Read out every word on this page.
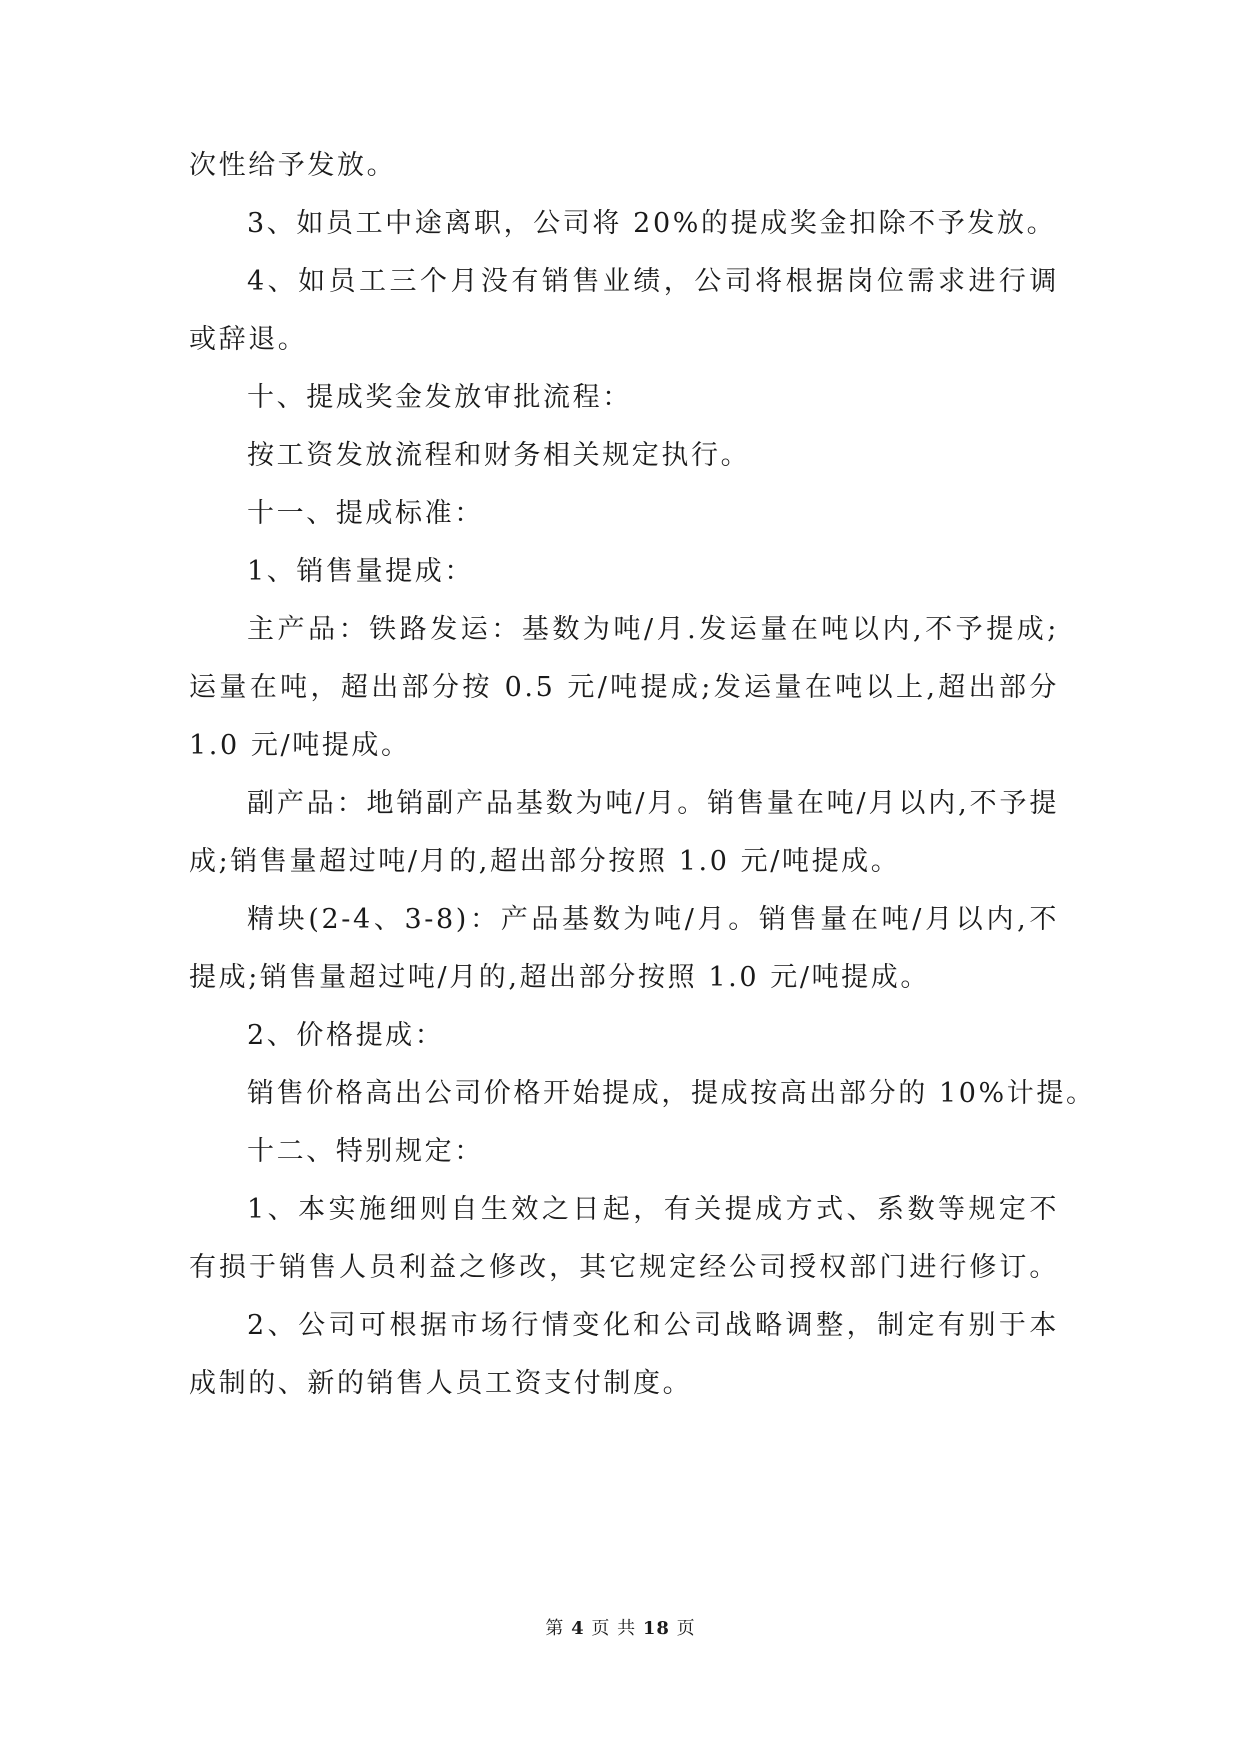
次性给予发放。
3、如员工中途离职，公司将 20%的提成奖金扣除不予发放。
4、如员工三个月没有销售业绩，公司将根据岗位需求进行调
或辞退。
十、提成奖金发放审批流程：
按工资发放流程和财务相关规定执行。
十一、提成标准：
1、销售量提成：
主产品：铁路发运：基数为吨/月.发运量在吨以内,不予提成;
运量在吨，超出部分按 0.5 元/吨提成;发运量在吨以上,超出部分
1.0 元/吨提成。
副产品：地销副产品基数为吨/月。销售量在吨/月以内,不予提
成;销售量超过吨/月的,超出部分按照 1.0 元/吨提成。
精块(2-4、3-8)：产品基数为吨/月。销售量在吨/月以内,不
提成;销售量超过吨/月的,超出部分按照 1.0 元/吨提成。
2、价格提成：
销售价格高出公司价格开始提成，提成按高出部分的 10%计提。
十二、特别规定：
1、本实施细则自生效之日起，有关提成方式、系数等规定不
有损于销售人员利益之修改，其它规定经公司授权部门进行修订。
2、公司可根据市场行情变化和公司战略调整，制定有别于本
成制的、新的销售人员工资支付制度。
第 4 页 共 18 页
